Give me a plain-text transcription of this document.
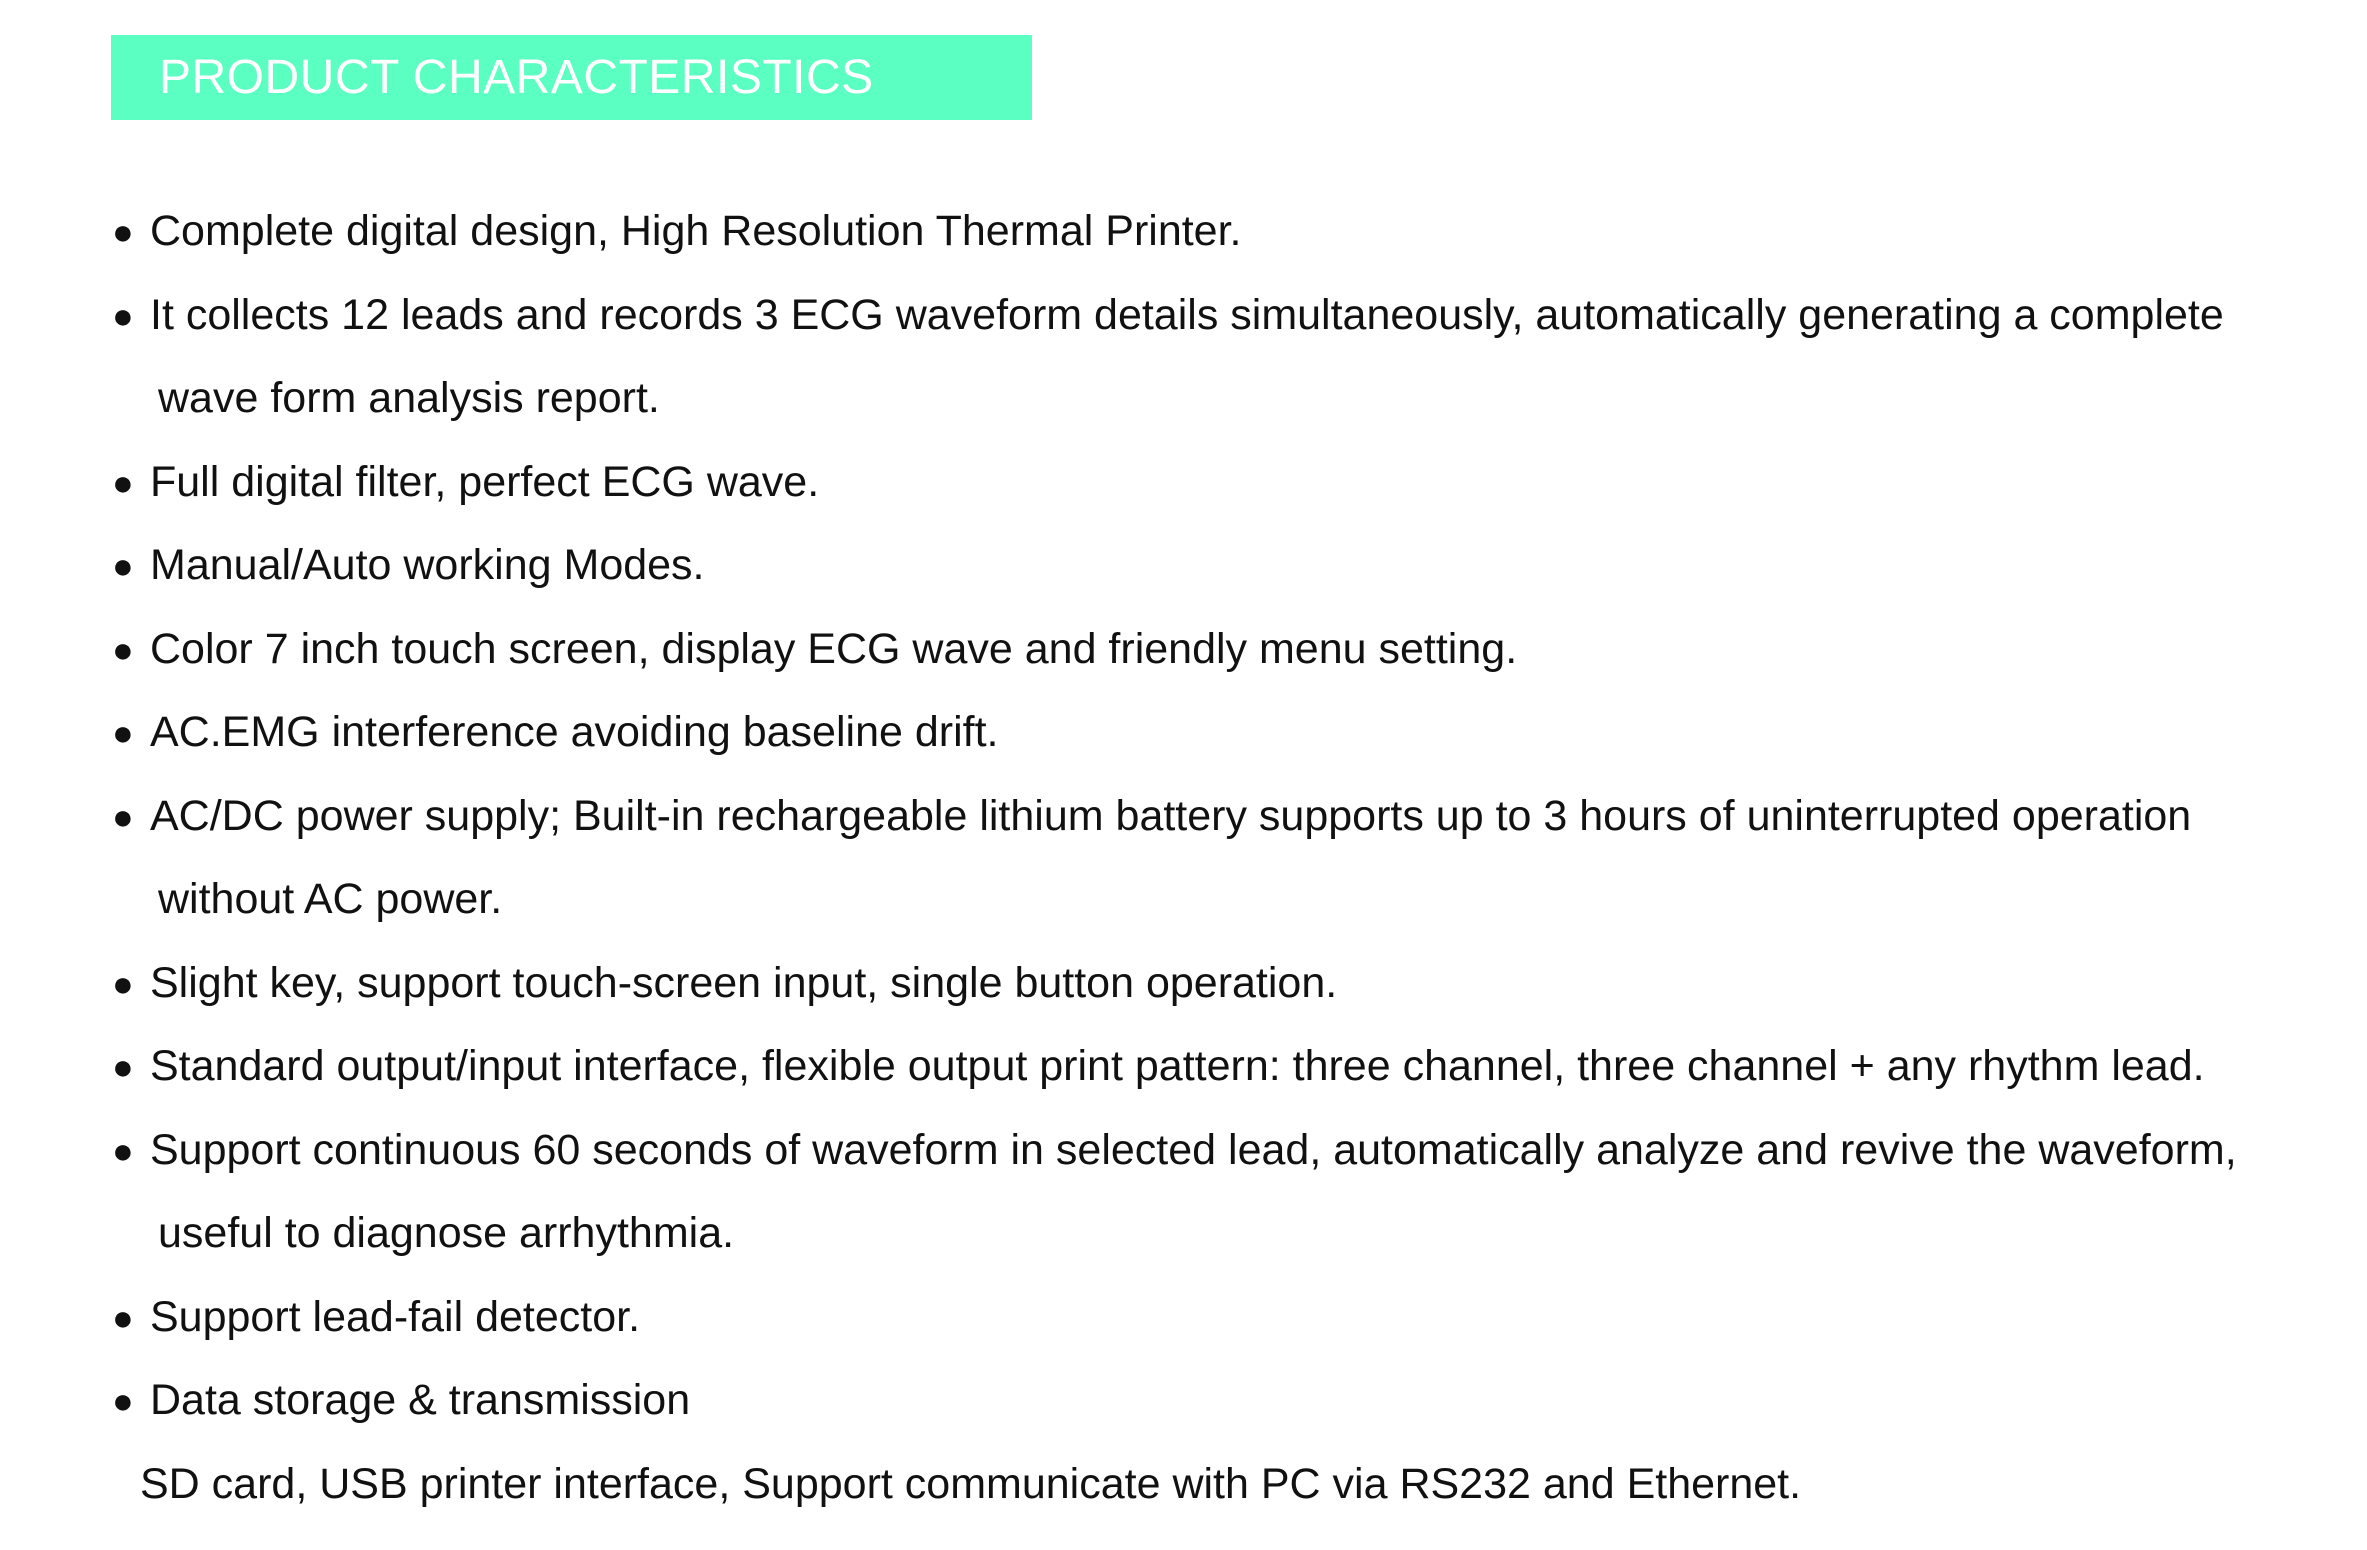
PRODUCT CHARACTERISTICS
● Complete digital design, High Resolution Thermal Printer.
● It collects 12 leads and records 3 ECG waveform details simultaneously, automatically generating a complete
wave form analysis report.
● Full digital filter, perfect ECG wave.
● Manual/Auto working Modes.
● Color 7 inch touch screen, display ECG wave and friendly menu setting.
● AC.EMG interference avoiding baseline drift.
● AC/DC power supply; Built-in rechargeable lithium battery supports up to 3 hours of uninterrupted operation
without AC power.
● Slight key, support touch-screen input, single button operation.
● Standard output/input interface, flexible output print pattern: three channel, three channel + any rhythm lead.
● Support continuous 60 seconds of waveform in selected lead, automatically analyze and revive the waveform,
useful to diagnose arrhythmia.
● Support lead-fail detector.
● Data storage & transmission
SD card, USB printer interface, Support communicate with PC via RS232 and Ethernet.
